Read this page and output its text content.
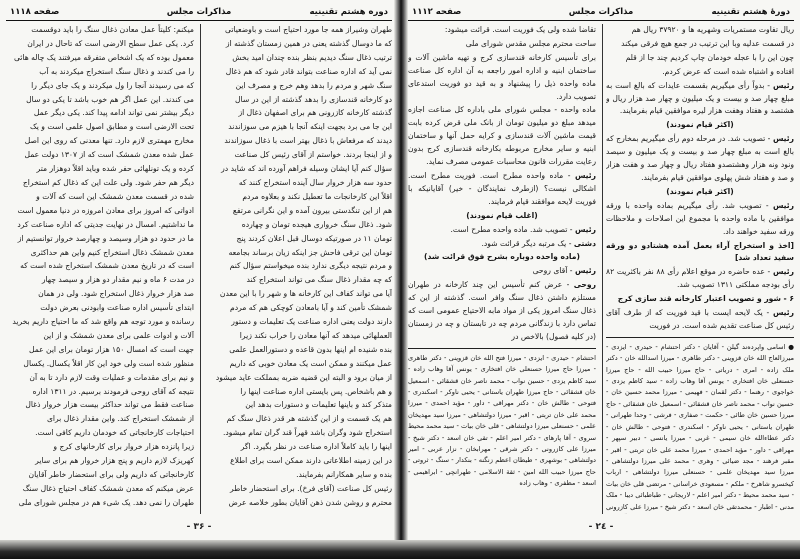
دوره هشتم تقنینیه
مذاکرات مجلس
صفحه ۱۱۱۸

طهران وشیراز همه جا مورد احتیاج است و باوضعیاتی

که ما دوسال گذشته یعنی در همین زمستان گذشته از

ترتیب ذغال سنگ دیدیم بنظر بنده چندان امید بخش

نمی آید که اداره صناعت بتواند قادر شود که هم ذغال

سنگ شهر و مردم را بدهد وهم خرج و مصرف این

دو کارخانه قندسازی را بدهد گذشته از این در سال

گذشته کارخانه کازرونی هم برای اصفهان ذغال از

این جا می برد بجهت اینکه آنجا با هیزم می سوزاندند

دیدند که مرفعاش با ذغال بهتر است با ذغال سوزاندند

و از اینجا بردند. خواستم از آقای رئیس کل صناعت

سؤال کنم آیا ایشان وسیله فراهم آورده اند که شاید در

حدود سه هزار خروار سال آینده استخراج کنند که

اقلاً این کارخانجات ما تعطیل نکند و بعلاوه مردم

هم از این تنگدستی بیرون آمده و این نگرانی مرتفع

شود. ذغال سنگ خرواری هیجده تومان و چهارده

تومان ۱۱ در صورتیکه دوسال قبل اعلان کردند پنج

تومان این ترقی فاحش جز اینکه زیان برساند بجامعه

و مردم نتیجه دیگری ندارد بنده میخواستم سؤال کنم

که چه مقدار ذغال سنگ می تواند استخراج کند

آیا می تواند کفاف این کارخانه ها و شهر را با این معدن

شمشک تأمین کند و آیا بامعادن کوچکی هم که مردم

دارند دولت یعنی اداره صناعت یک تعلیمات و دستور

العملهائی میدهد که آنها معادن را خراب نکند زیرا

بنده شنیده ام اینها بدون قاعده و دستورالعمل علمی

عمل میکنند و ممکن است یک معادن خوبی که داریم

از میان برود و البته این قضیه ضربه بمملکت عاید میشود

و هم باشخاص. پس بایستی اداره صناعت اینها را

متذکر کند و باینها تعلیمات و دستورات بدهد این

هم یک قسمت و از این گذشته هر قدر ذغال سنگ کم

استخراج شود وگران باشد قهراً قند گران تمام میشود.

اینها را باید کاملاً اداره صناعت در نظر بگیرد. اگر

در این زمینه اطلاعاتی دارند ممکن است برای اطلاع

بنده و سایر همکارانم بفرمایند.

رئیس کل صناعت (آقای فرخ). برای استحضار خاطر

محترم و روشن شدن ذهن آقایان بطور خلاصه عرض

میکنم: کلیتاً عمل معادن ذغال سنگ را باید دوقسمت

کرد. یکی عمل سطح الارضی است که تاحال در ایران

معمول بوده که یک اشخاص متفرقه میرفتند یک چاله هائی

را می کندند و ذغال سنگ استخراج میکردند به آب

که می رسیدند آنجا را ول میکردند و یک جای دیگر را

می کندند. این عمل اگر هم خوب باشد تا یکی دو سال

دیگر بیشتر نمی تواند ادامه پیدا کند. یکی دیگر عمل

تحت الارضی است و مطابق اصول علمی است و یک

مخارج مهمتری لازم دارد. تنها معدنی که روی این اصل

عمل شده معدن شمشک است که از ۱۳۰۷ دولت عمل

کرده و یک تونلهائی حفر شده وباید اقلاً دوهزار متر

دیگر هم حفر شود. ولی علت این که ذغال کم استخراج

شده در قسمت معدن شمشک این است که آلات و

ادواتی که امروز برای معادن امروزه در دنیا معمول است

ما نداشتیم. امسال در نهایت جدیتی که اداره صناعت کرد

ما در حدود دو هزار وسیصد و چهارصد خروار توانستیم از

معدن شمشک ذغال استخراج کنیم واین هم حداکثری

است که در تاریخ معدن شمشک استخراج شده است که

در مدت ۶ ماه و نیم مقدار دو هزار و سیصد چهار

صد هزار خروار ذغال استخراج شود. ولی در همان

ابتدای تأسیس اداره صناعت وابودنی بعرض دولت

رسانده و مورد توجه هم واقع شد که ما احتیاج داریم بخرید

آلات و ادوات علمی برای معدن شمشک و از این

جهت است که امسال ۱۵۰ هزار تومان برای این عمل

منظور شده است ولی خود این کار اقلاً یکسال. یکسال

و نیم برای مقدمات و عملیات وقت لازم دارد تا به آن

نتیجه که آقای روحی فرمودند برسیم. در ۱۳۱۱ اداره

صناعت فقط می تواند حداکثر بیست هزار خروار ذغال

از شمشک استخراج کند. واین مقدار ذغال برای

احتیاجات کارخانجاتی که خودمان داریم کافی است.

زیرا پانزده هزار خروار برای کارخانهای کرج و

کهریزک لازم داریم و پنج هزار خروار هم برای سایر

کارخانجاتی که داریم ولی برای استحضار خاطر آقایان

عرض میکنم که معدن شمشک کفاف احتیاج ذغال سنگ

طهران را نمی دهد. یک شیء هم در مجلس شورای ملی

- ۳۶ -
دورهٔ هشتم تقنینیه
مذاکرات مجلس
صفحه ۱۱۱۲

ریال تفاوت مستمریات وشهریه ها و ۳۷۹۲۰ ریال هم

در قسمت عدلیه وبا این ترتیب در جمع هیچ فرقی میکند

چون این را با عجله خودمان چاپ کردیم چند جا از قلم

افتاده و اشتباه شده است که عرض کردم.

رئیس - بدواً رأی میگیریم بقسمت عایدات که بالغ است به مبلغ چهار صد و بیست و یک میلیون و چهار صد هزار ریال و هشتصد و هفتاد وهفت هزار لیره موافقین قیام بفرمایند.

(اکثر قیام نمودند)

رئیس - تصویب شد. در مرحله دوم رأی میگیریم بمخارج که بالغ است به مبلغ چهار صد و بیست و یک میلیون و سیصد ونود ونه هزار وهشتصدو هفتاد ریال و چهار صد و هفت هزار و صد و هفتاد شش پهلوی موافقین قیام بفرمایند.

(اکثر قیام نمودند)

رئیس - تصویب شد. رأی میگیریم بماده واحده با ورقه موافقین با ماده واحده با مجموع این اصلاحات و ملاحظات ورقه سفید خواهند داد.

[اخذ و استخراج آراء بعمل آمده هشتادو دو ورقه سفید تعداد شد]

رئیس - عده حاضره در موقع اعلام رأی ۸۸ نفر باکثریت ۸۲ رأی بودجه مملکتی ۱۳۱۱ تصویب شد.

۶ - شور و تصویب اعتبار کارخانه قند سازی کرج

رئیس - یک لایحه ایست با قید فوریت که از طرف آقای رئیس کل صناعت تقدیم شده است. در فوریت

● اسامی واپرده‌ند گیلن - آقایان - دکتر احتشام - حیدری - ایزدی - میرزالعاج الله خان قزوینی - دکتر طاهری - میرزا اسدالله خان - دکتر ملک زاده - امری - دریاتی - حاج میرزا حبیب الله - حاج میرزا حسنعلی خان افتخاری - یونس آقا وهاب زاده - سید کاظم یزدی - خواجوی - رهنما - دکتر لقمان - فهیمی - میرزا محمد حسین خان - حسین نواب - محمد ناصر خان قشقائی - اسمعیل خان قشقائی - حاج میرزا حسین خان طائی - حکمت - صفاری - فرشی - وحدا طهرانی - طهران یاستانی - یحیی ناوکر - اسکندری - فتوحی - طالش خان - دکتر عطاءالله خان سیمی - غربی - میرزا یانسی - دبیر سپهر - مهراقی - داور - مؤید احمدی - میرزا محمد علی خان تربتی - اقبر - مقبر فرهند - مجد ضیائی - وهری - محمد علی میرزا دولتشاهی - میرزا سید مهدیخان علمی - حسنعلی میرزا دولتشاهی - ارباب کیخسرو شاهرخ - ملکم - مسعودی خراسانی - مرتضی قلی خان بیات - سید محمد محیط - دکتر امیر اعلم - لاریجانی - طباطبائی دیبا - ملک مدنی - اطبار - محمدتقی خان اسعد - دکتر شیخ - میرزا علی کازرونی

تقاضا شده ولی یک فوریت است. قرائت میشود:

ساحت محترم مجلس مقدس شورای ملی

برای تأسیس کارخانه قندسازی کرج و تهیه ماشین آلات و ساختمان ابنیه و اداره امور راجعه به آن اداره کل صناعت ماده واحده ذیل را پیشنهاد و به قید دو فوریت استدعای تصویب دارد.

ماده واحده - مجلس شورای ملی باداره کل صناعت اجازه میدهد مبلغ دو میلیون تومان از بانک ملی قرض کرده بابت قیمت ماشین آلات قندسازی و کرایه حمل آنها و ساختمان ابنیه و سایر مخارج مربوطه بکارخانه قندسازی کرج بدون رعایت مقررات قانون محاسبات عمومی مصرف نماید.

رئیس - ماده واحده مطرح است. فوریت مطرح است. اشکالی نیست؟ (ازطرف نمایندگان - خیر) آقایانیکه با فوریت لایحه موافقند قیام فرمایند.

(اغلب قیام نمودند)

رئیس - تصویب شد. ماده واحده مطرح است.

دشتی - یک مرتبه دیگر قرائت شود.

(ماده واحده دوباره بشرح فوق قرائت شد)

رئیس - آقای روحی

روحی - عرض کنم تأسیس این چند کارخانه در طهران مستلزم داشتن ذغال سنگ وافر است. گذشته از این که ذغال سنگ امروز یکی از مواد مابه الاحتیاج عمومی است که تماس دارد با زندگانی مردم چه در تابستان و چه در زمستان (در کلیه فصول) بالاخص در

احتشام - حیدری - ایزدی - میرزا فتح الله خان قزوینی - دکتر طاهری - میرزا حاج میرزا حسنعلی خان افتخاری - یونس آقا وهاب زاده - سید کاظم یزدی - حسین نواب - محمد ناصر خان قشقائی - اسمعیل خان قشقائی - حاج میرزا طهران یاستانی - یحیی ناوکر - اسکندری - فتوحی - طالش خان - دکتر مهراقی - داور - مؤید احمدی - میرزا محمد علی خان تربتی - اقبر - میرزا دولتشاهی - میرزا سید مهدیخان علمی - حسنعلی میرزا دولتشاهی - قلی خان بیات - سید محمد محیط سروی - آقا پارهای - دکتر امیر اعلم - تقی خان اسعد - دکتر شیخ - میرزا علی کازرونی - دکتر شرقی - مهرابخان - نزار عربی - امیر دولتشاهی - بوشهری - طیطان اعظم زنگنه - بنکدار - سنگ - ثروتی - حاج میرزا حبیب الله امین - ثقة الاسلامی - طهرانچی - ابراهیمی - اسعد - مظفری - وهاب زاده

- ۲٤ -
